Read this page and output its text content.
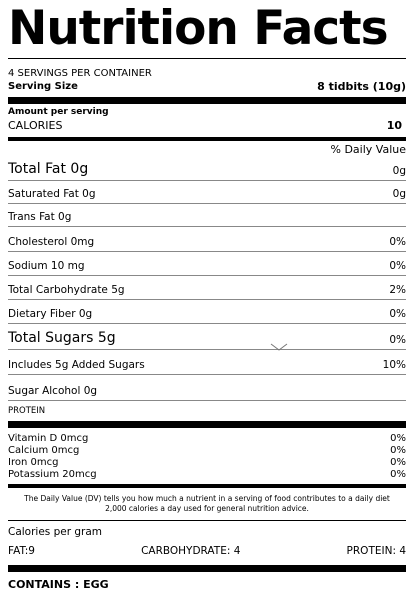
Nutrition Facts
4 SERVINGS PER CONTAINER
Serving Size	8 tidbits (10g)
Amount per serving
CALORIES	10
% Daily Value
Total Fat 0g	0g
Saturated Fat 0g	0g
Trans Fat 0g
Cholesterol 0mg	0%
Sodium 10 mg	0%
Total Carbohydrate 5g	2%
Dietary Fiber 0g	0%
Total Sugars 5g	0%
Includes 5g Added Sugars	10%
Sugar Alcohol 0g
PROTEIN
Vitamin D 0mcg	0%
Calcium 0mcg	0%
Iron 0mcg	0%
Potassium 20mcg	0%
The Daily Value (DV) tells you how much a nutrient in a serving of food contributes to a daily diet 2,000 calories a day used for general nutrition advice.
Calories per gram
FAT:9	CARBOHYDRATE: 4	PROTEIN: 4
CONTAINS : EGG
